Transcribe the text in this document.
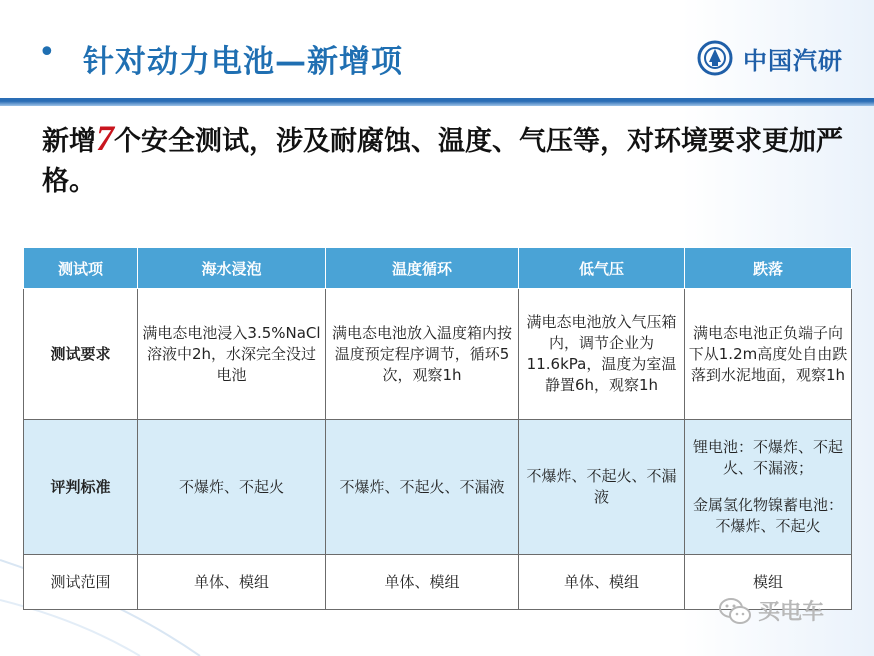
• 针对动力电池—新增项	中国汽研
新增7个安全测试，涉及耐腐蚀、温度、气压等，对环境要求更加严格。
测试项	海水浸泡	温度循环	低气压	跌落
测试要求	满电态电池浸入3.5%NaCl溶液中2h，水深完全没过电池	满电态电池放入温度箱内按温度预定程序调节，循环5次，观察1h	满电态电池放入气压箱内，调节企业为11.6kPa，温度为室温静置6h，观察1h	满电态电池正负端子向下从1.2m高度处自由跌落到水泥地面，观察1h
评判标准	不爆炸、不起火	不爆炸、不起火、不漏液	不爆炸、不起火、不漏液	锂电池：不爆炸、不起火、不漏液；
金属氢化物镍蓄电池：不爆炸、不起火
测试范围	单体、模组	单体、模组	单体、模组	模组
买电车
